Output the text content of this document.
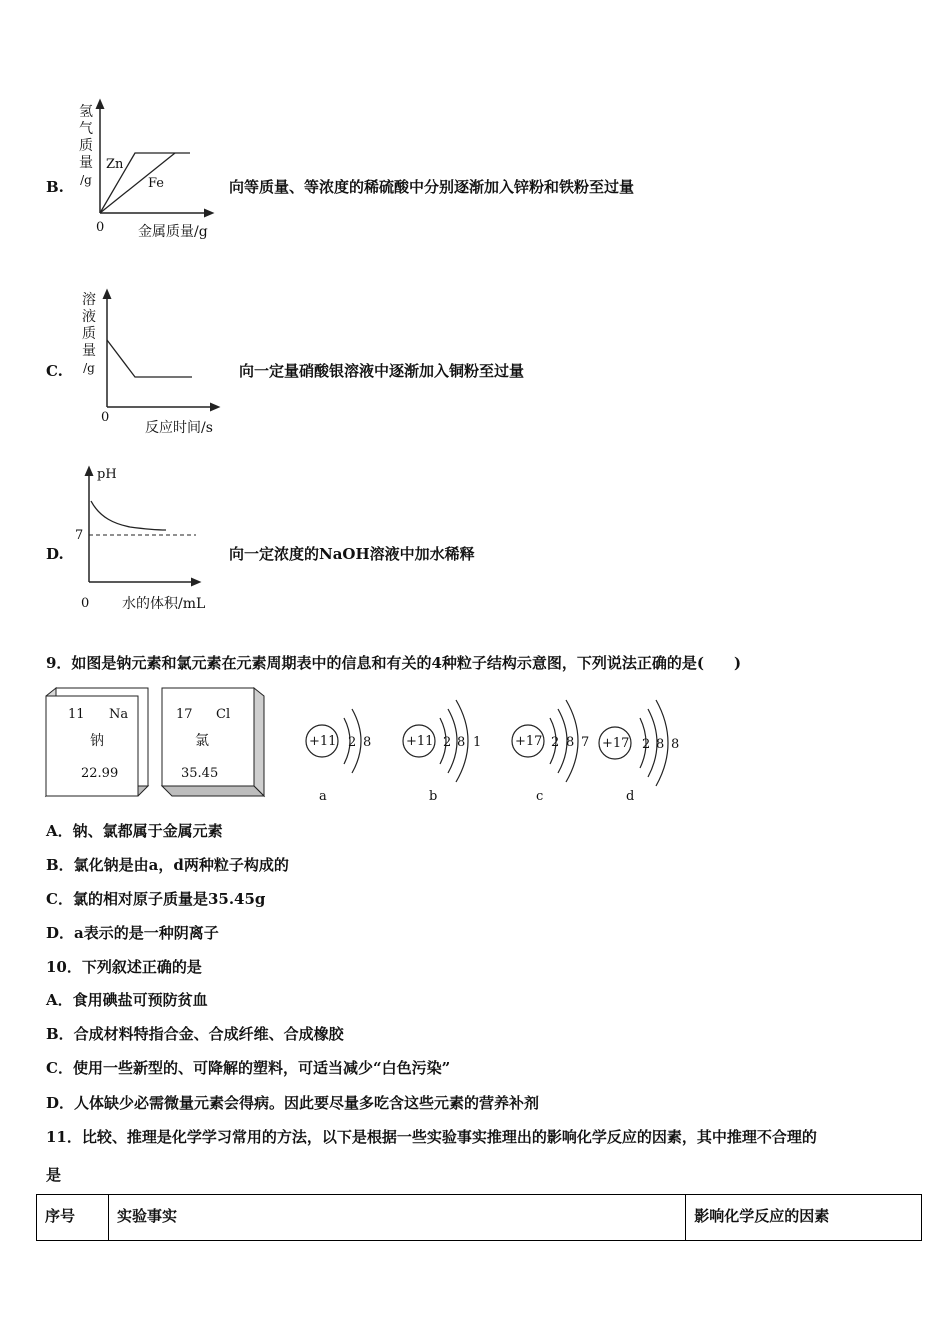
B.
氢
气
质
量
/g
0 金属质量/g
Zn
Fe	向等质量、等浓度的稀硫酸中分别逐渐加入锌粉和铁粉至过量
C.
溶
液
质
量
/g
0
反应时间/s
向一定量硝酸银溶液中逐渐加入铜粉至过量
D.
pH
7
0 水的体积/mL
向一定浓度的NaOH溶液中加水稀释
9．如图是钠元素和氯元素在元素周期表中的信息和有关的4种粒子结构示意图，下列说法正确的是(　　)
11 Na
钠
22.99
17 Cl
氯
35.45
+11 2 8
a
+11 2 8 1
b
+17 2 8 7
c
+17 2 8 8
d
A．钠、氯都属于金属元素
B．氯化钠是由a，d两种粒子构成的
C．氯的相对原子质量是35.45g
D．a表示的是一种阴离子
10．下列叙述正确的是
A．食用碘盐可预防贫血
B．合成材料特指合金、合成纤维、合成橡胶
C．使用一些新型的、可降解的塑料，可适当减少“白色污染”
D．人体缺少必需微量元素会得病。因此要尽量多吃含这些元素的营养补剂
11．比较、推理是化学学习常用的方法，以下是根据一些实验事实推理出的影响化学反应的因素，其中推理不合理的
是
序号	实验事实	影响化学反应的因素
